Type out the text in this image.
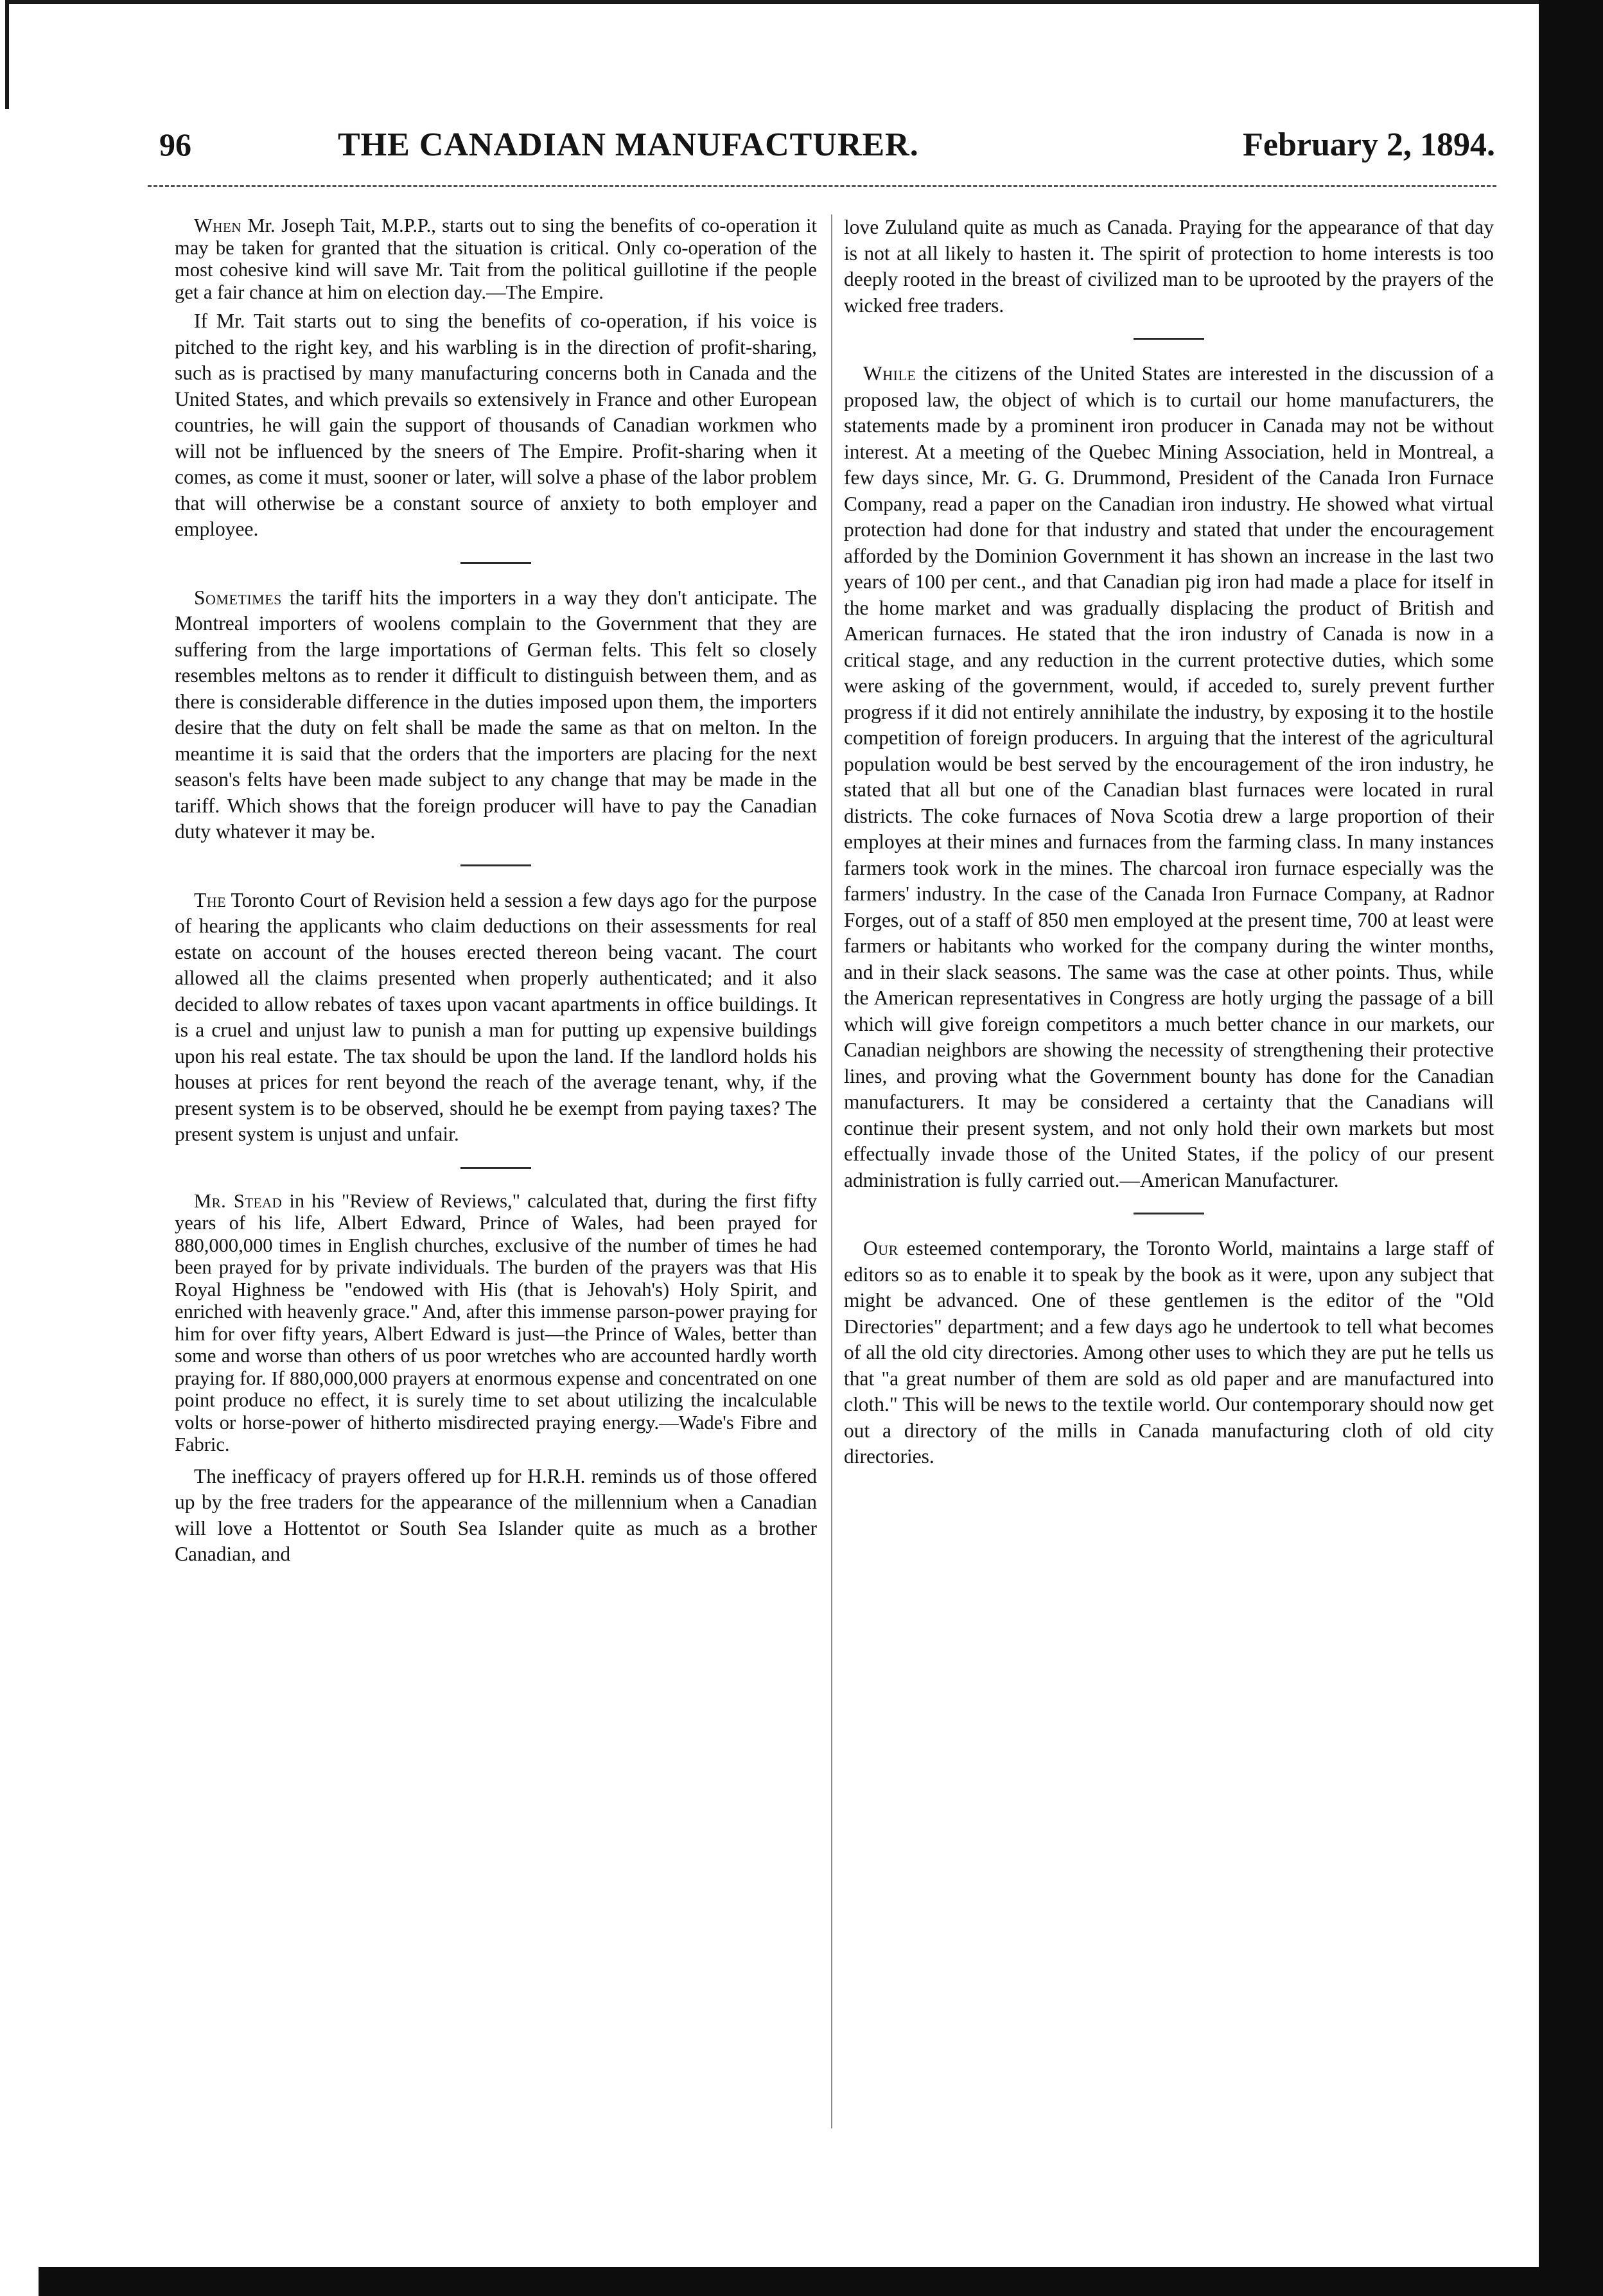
96	THE CANADIAN MANUFACTURER.	February 2, 1894.

When Mr. Joseph Tait, M.P.P., starts out to sing the benefits of co-operation it may be taken for granted that the situation is critical. Only co-operation of the most cohesive kind will save Mr. Tait from the political guillotine if the people get a fair chance at him on election day.—The Empire.

If Mr. Tait starts out to sing the benefits of co-operation, if his voice is pitched to the right key, and his warbling is in the direction of profit-sharing, such as is practised by many manufacturing concerns both in Canada and the United States, and which prevails so extensively in France and other European countries, he will gain the support of thousands of Canadian workmen who will not be influenced by the sneers of The Empire. Profit-sharing when it comes, as come it must, sooner or later, will solve a phase of the labor problem that will otherwise be a constant source of anxiety to both employer and employee.

Sometimes the tariff hits the importers in a way they don't anticipate. The Montreal importers of woolens complain to the Government that they are suffering from the large importations of German felts. This felt so closely resembles meltons as to render it difficult to distinguish between them, and as there is considerable difference in the duties imposed upon them, the importers desire that the duty on felt shall be made the same as that on melton. In the meantime it is said that the orders that the importers are placing for the next season's felts have been made subject to any change that may be made in the tariff. Which shows that the foreign producer will have to pay the Canadian duty whatever it may be.

The Toronto Court of Revision held a session a few days ago for the purpose of hearing the applicants who claim deductions on their assessments for real estate on account of the houses erected thereon being vacant. The court allowed all the claims presented when properly authenticated; and it also decided to allow rebates of taxes upon vacant apartments in office buildings. It is a cruel and unjust law to punish a man for putting up expensive buildings upon his real estate. The tax should be upon the land. If the landlord holds his houses at prices for rent beyond the reach of the average tenant, why, if the present system is to be observed, should he be exempt from paying taxes? The present system is unjust and unfair.

Mr. Stead in his "Review of Reviews," calculated that, during the first fifty years of his life, Albert Edward, Prince of Wales, had been prayed for 880,000,000 times in English churches, exclusive of the number of times he had been prayed for by private individuals. The burden of the prayers was that His Royal Highness be "endowed with His (that is Jehovah's) Holy Spirit, and enriched with heavenly grace." And, after this immense parson-power praying for him for over fifty years, Albert Edward is just—the Prince of Wales, better than some and worse than others of us poor wretches who are accounted hardly worth praying for. If 880,000,000 prayers at enormous expense and concentrated on one point produce no effect, it is surely time to set about utilizing the incalculable volts or horse-power of hitherto misdirected praying energy.—Wade's Fibre and Fabric.

The inefficacy of prayers offered up for H.R.H. reminds us of those offered up by the free traders for the appearance of the millennium when a Canadian will love a Hottentot or South Sea Islander quite as much as a brother Canadian, and

love Zululand quite as much as Canada. Praying for the appearance of that day is not at all likely to hasten it. The spirit of protection to home interests is too deeply rooted in the breast of civilized man to be uprooted by the prayers of the wicked free traders.

While the citizens of the United States are interested in the discussion of a proposed law, the object of which is to curtail our home manufacturers, the statements made by a prominent iron producer in Canada may not be without interest. At a meeting of the Quebec Mining Association, held in Montreal, a few days since, Mr. G. G. Drummond, President of the Canada Iron Furnace Company, read a paper on the Canadian iron industry. He showed what virtual protection had done for that industry and stated that under the encouragement afforded by the Dominion Government it has shown an increase in the last two years of 100 per cent., and that Canadian pig iron had made a place for itself in the home market and was gradually displacing the product of British and American furnaces. He stated that the iron industry of Canada is now in a critical stage, and any reduction in the current protective duties, which some were asking of the government, would, if acceded to, surely prevent further progress if it did not entirely annihilate the industry, by exposing it to the hostile competition of foreign producers. In arguing that the interest of the agricultural population would be best served by the encouragement of the iron industry, he stated that all but one of the Canadian blast furnaces were located in rural districts. The coke furnaces of Nova Scotia drew a large proportion of their employes at their mines and furnaces from the farming class. In many instances farmers took work in the mines. The charcoal iron furnace especially was the farmers' industry. In the case of the Canada Iron Furnace Company, at Radnor Forges, out of a staff of 850 men employed at the present time, 700 at least were farmers or habitants who worked for the company during the winter months, and in their slack seasons. The same was the case at other points. Thus, while the American representatives in Congress are hotly urging the passage of a bill which will give foreign competitors a much better chance in our markets, our Canadian neighbors are showing the necessity of strengthening their protective lines, and proving what the Government bounty has done for the Canadian manufacturers. It may be considered a certainty that the Canadians will continue their present system, and not only hold their own markets but most effectually invade those of the United States, if the policy of our present administration is fully carried out.—American Manufacturer.

Our esteemed contemporary, the Toronto World, maintains a large staff of editors so as to enable it to speak by the book as it were, upon any subject that might be advanced. One of these gentlemen is the editor of the "Old Directories" department; and a few days ago he undertook to tell what becomes of all the old city directories. Among other uses to which they are put he tells us that "a great number of them are sold as old paper and are manufactured into cloth." This will be news to the textile world. Our contemporary should now get out a directory of the mills in Canada manufacturing cloth of old city directories.
